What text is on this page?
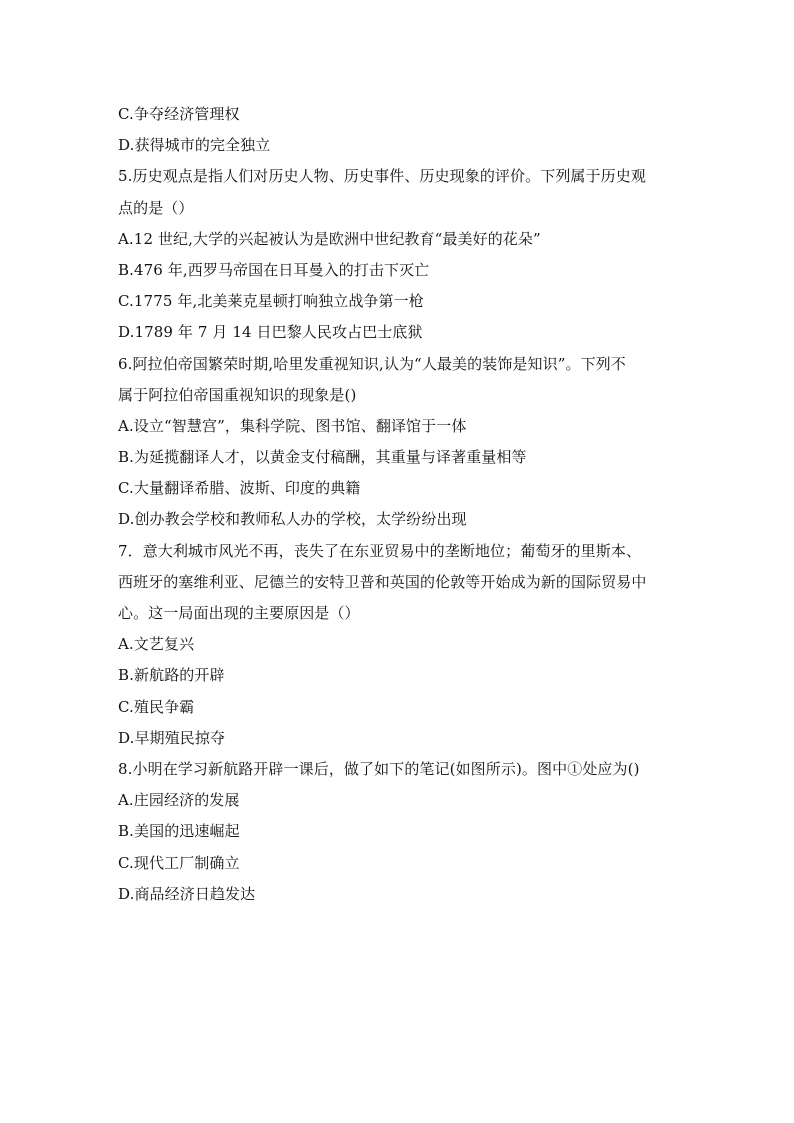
C.争夺经济管理权
D.获得城市的完全独立
5.历史观点是指人们对历史人物、历史事件、历史现象的评价。下列属于历史观
点的是（）
A.12 世纪,大学的兴起被认为是欧洲中世纪教育“最美好的花朵”
B.476 年,西罗马帝国在日耳曼入的打击下灭亡
C.1775 年,北美莱克星顿打响独立战争第一枪
D.1789 年 7 月 14 日巴黎人民攻占巴士底狱
6.阿拉伯帝国繁荣时期,哈里发重视知识,认为“人最美的装饰是知识”。下列不
属于阿拉伯帝国重视知识的现象是()
A.设立“智慧宫”，集科学院、图书馆、翻译馆于一体
B.为延揽翻译人才，以黄金支付稿酬，其重量与译著重量相等
C.大量翻译希腊、波斯、印度的典籍
D.创办教会学校和教师私人办的学校，太学纷纷出现
7．意大利城市风光不再，丧失了在东亚贸易中的垄断地位；葡萄牙的里斯本、
西班牙的塞维利亚、尼德兰的安特卫普和英国的伦敦等开始成为新的国际贸易中
心。这一局面出现的主要原因是（）
A.文艺复兴
B.新航路的开辟
C.殖民争霸
D.早期殖民掠夺
8.小明在学习新航路开辟一课后，做了如下的笔记(如图所示)。图中①处应为()
A.庄园经济的发展
B.美国的迅速崛起
C.现代工厂制确立
D.商品经济日趋发达
